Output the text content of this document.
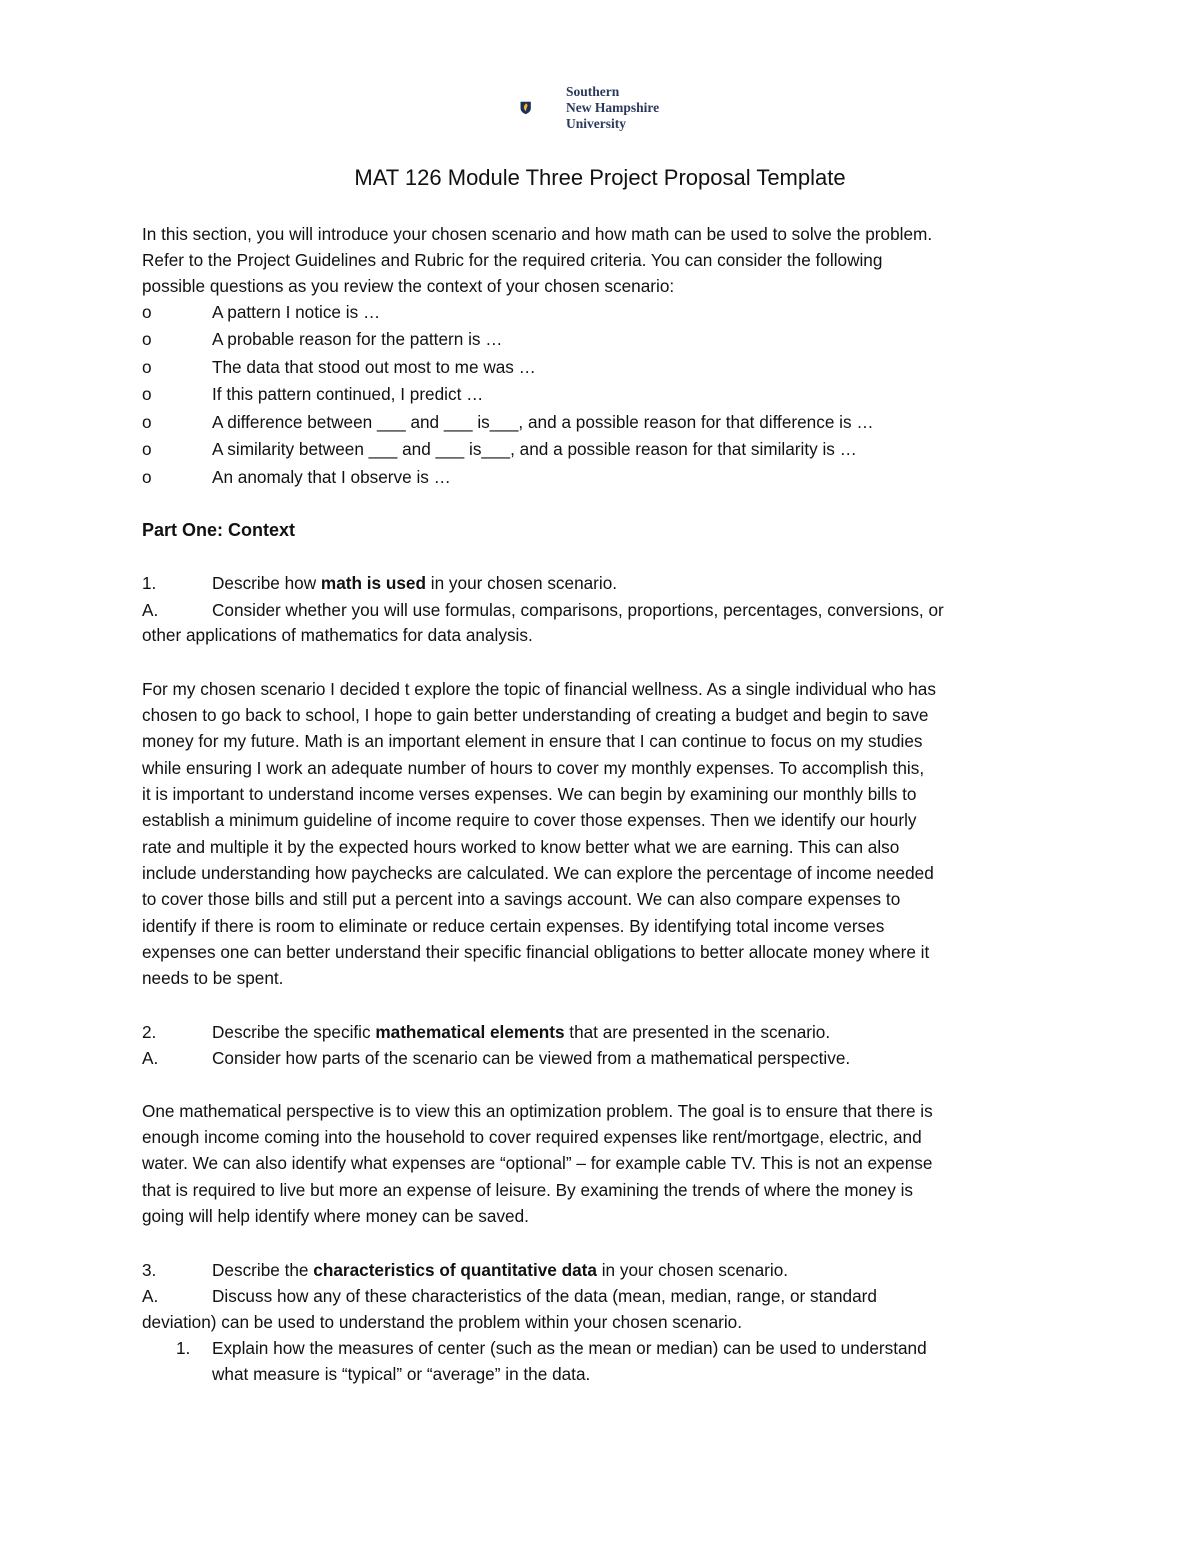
Southern
New Hampshire
University
MAT 126 Module Three Project Proposal Template
In this section, you will introduce your chosen scenario and how math can be used to solve the problem.
Refer to the Project Guidelines and Rubric for the required criteria. You can consider the following
possible questions as you review the context of your chosen scenario:
o	A pattern I notice is …
o	A probable reason for the pattern is …
o	The data that stood out most to me was …
o	If this pattern continued, I predict …
o	A difference between ___ and ___ is___, and a possible reason for that difference is …
o	A similarity between ___ and ___ is___, and a possible reason for that similarity is …
o	An anomaly that I observe is …
Part One: Context
1.	Describe how math is used in your chosen scenario.
A.	Consider whether you will use formulas, comparisons, proportions, percentages, conversions, or
other applications of mathematics for data analysis.
For my chosen scenario I decided t explore the topic of financial wellness. As a single individual who has
chosen to go back to school, I hope to gain better understanding of creating a budget and begin to save
money for my future. Math is an important element in ensure that I can continue to focus on my studies
while ensuring I work an adequate number of hours to cover my monthly expenses. To accomplish this,
it is important to understand income verses expenses. We can begin by examining our monthly bills to
establish a minimum guideline of income require to cover those expenses. Then we identify our hourly
rate and multiple it by the expected hours worked to know better what we are earning. This can also
include understanding how paychecks are calculated. We can explore the percentage of income needed
to cover those bills and still put a percent into a savings account. We can also compare expenses to
identify if there is room to eliminate or reduce certain expenses. By identifying total income verses
expenses one can better understand their specific financial obligations to better allocate money where it
needs to be spent.
2.	Describe the specific mathematical elements that are presented in the scenario.
A.	Consider how parts of the scenario can be viewed from a mathematical perspective.
One mathematical perspective is to view this an optimization problem. The goal is to ensure that there is
enough income coming into the household to cover required expenses like rent/mortgage, electric, and
water. We can also identify what expenses are “optional” – for example cable TV. This is not an expense
that is required to live but more an expense of leisure. By examining the trends of where the money is
going will help identify where money can be saved.
3.	Describe the characteristics of quantitative data in your chosen scenario.
A.	Discuss how any of these characteristics of the data (mean, median, range, or standard
deviation) can be used to understand the problem within your chosen scenario.
1. Explain how the measures of center (such as the mean or median) can be used to understand
what measure is “typical” or “average” in the data.
